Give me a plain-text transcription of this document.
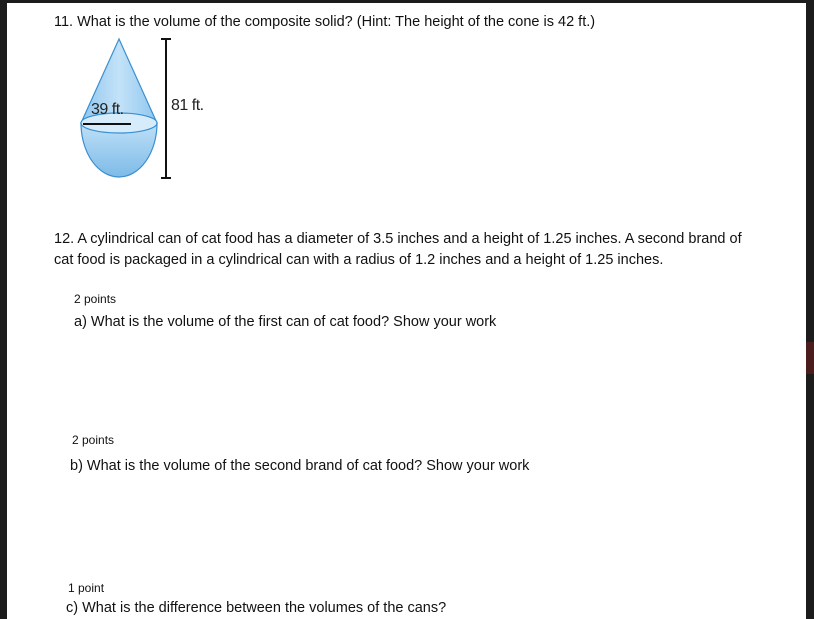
11. What is the volume of the composite solid? (Hint: The height of the cone is 42 ft.)
39 ft.	81 ft.
12. A cylindrical can of cat food has a diameter of 3.5 inches and a height of 1.25 inches. A second brand of
cat food is packaged in a cylindrical can with a radius of 1.2 inches and a height of 1.25 inches.
2 points
a) What is the volume of the first can of cat food? Show your work
2 points
b) What is the volume of the second brand of cat food? Show your work
1 point
c) What is the difference between the volumes of the cans?
